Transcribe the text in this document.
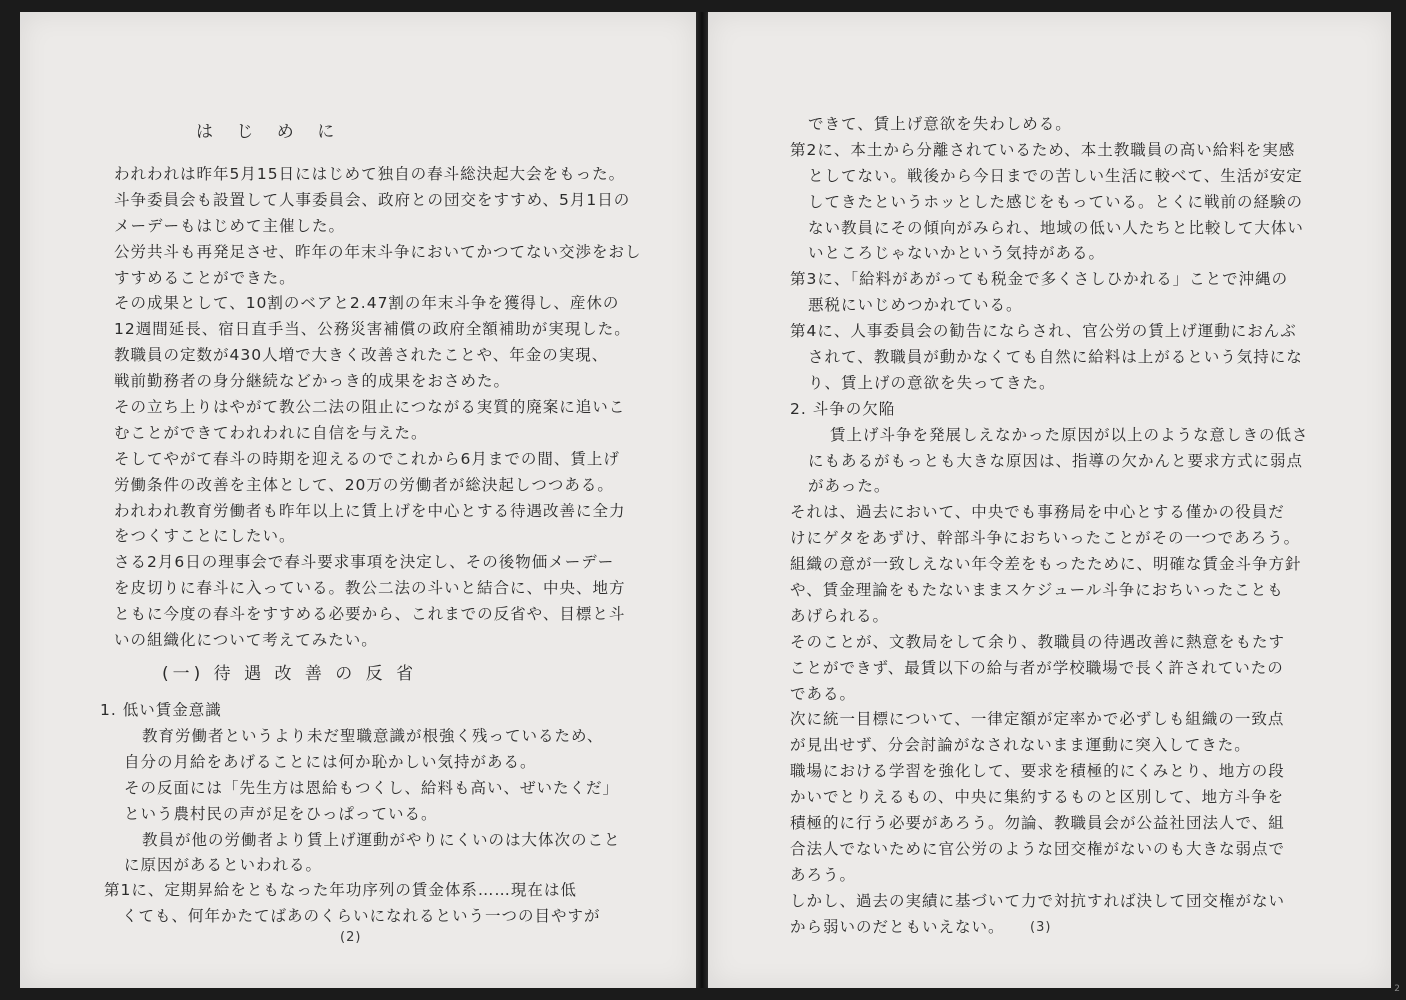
は じ め に
われわれは昨年5月15日にはじめて独自の春斗総決起大会をもった。
斗争委員会も設置して人事委員会、政府との団交をすすめ、5月1日の
メーデーもはじめて主催した。
公労共斗も再発足させ、昨年の年末斗争においてかつてない交渉をおし
すすめることができた。
その成果として、10割のベアと2.47割の年末斗争を獲得し、産休の
12週間延長、宿日直手当、公務災害補償の政府全額補助が実現した。
教職員の定数が430人増で大きく改善されたことや、年金の実現、
戦前勤務者の身分継続などかっき的成果をおさめた。
その立ち上りはやがて教公二法の阻止につながる実質的廃案に追いこ
むことができてわれわれに自信を与えた。
そしてやがて春斗の時期を迎えるのでこれから6月までの間、賃上げ
労働条件の改善を主体として、20万の労働者が総決起しつつある。
われわれ教育労働者も昨年以上に賃上げを中心とする待遇改善に全力
をつくすことにしたい。
さる2月6日の理事会で春斗要求事項を決定し、その後物価メーデー
を皮切りに春斗に入っている。教公二法の斗いと結合に、中央、地方
ともに今度の春斗をすすめる必要から、これまでの反省や、目標と斗
いの組織化について考えてみたい。
(一) 待 遇 改 善 の 反 省
1. 低い賃金意識
教育労働者というより未だ聖職意識が根強く残っているため、
自分の月給をあげることには何か恥かしい気持がある。
その反面には「先生方は恩給もつくし、給料も高い、ぜいたくだ」
という農村民の声が足をひっぱっている。
教員が他の労働者より賃上げ運動がやりにくいのは大体次のこと
に原因があるといわれる。
第1に、定期昇給をともなった年功序列の賃金体系……現在は低
くても、何年かたてばあのくらいになれるという一つの目やすが
(2)
できて、賃上げ意欲を失わしめる。
第2に、本土から分離されているため、本土教職員の高い給料を実感
としてない。戦後から今日までの苦しい生活に較べて、生活が安定
してきたというホッとした感じをもっている。とくに戦前の経験の
ない教員にその傾向がみられ、地域の低い人たちと比較して大体い
いところじゃないかという気持がある。
第3に、「給料があがっても税金で多くさしひかれる」ことで沖縄の
悪税にいじめつかれている。
第4に、人事委員会の勧告にならされ、官公労の賃上げ運動におんぶ
されて、教職員が動かなくても自然に給料は上がるという気持にな
り、賃上げの意欲を失ってきた。
2. 斗争の欠陥
賃上げ斗争を発展しえなかった原因が以上のような意しきの低さ
にもあるがもっとも大きな原因は、指導の欠かんと要求方式に弱点
があった。
それは、過去において、中央でも事務局を中心とする僅かの役員だ
けにゲタをあずけ、幹部斗争におちいったことがその一つであろう。
組織の意が一致しえない年令差をもったために、明確な賃金斗争方針
や、賃金理論をもたないままスケジュール斗争におちいったことも
あげられる。
そのことが、文教局をして余り、教職員の待遇改善に熱意をもたす
ことができず、最賃以下の給与者が学校職場で長く許されていたの
である。
次に統一目標について、一律定額が定率かで必ずしも組織の一致点
が見出せず、分会討論がなされないまま運動に突入してきた。
職場における学習を強化して、要求を積極的にくみとり、地方の段
かいでとりえるもの、中央に集約するものと区別して、地方斗争を
積極的に行う必要があろう。勿論、教職員会が公益社団法人で、組
合法人でないために官公労のような団交権がないのも大きな弱点で
あろう。
しかし、過去の実績に基づいて力で対抗すれば決して団交権がない
から弱いのだともいえない。	(3)
2
